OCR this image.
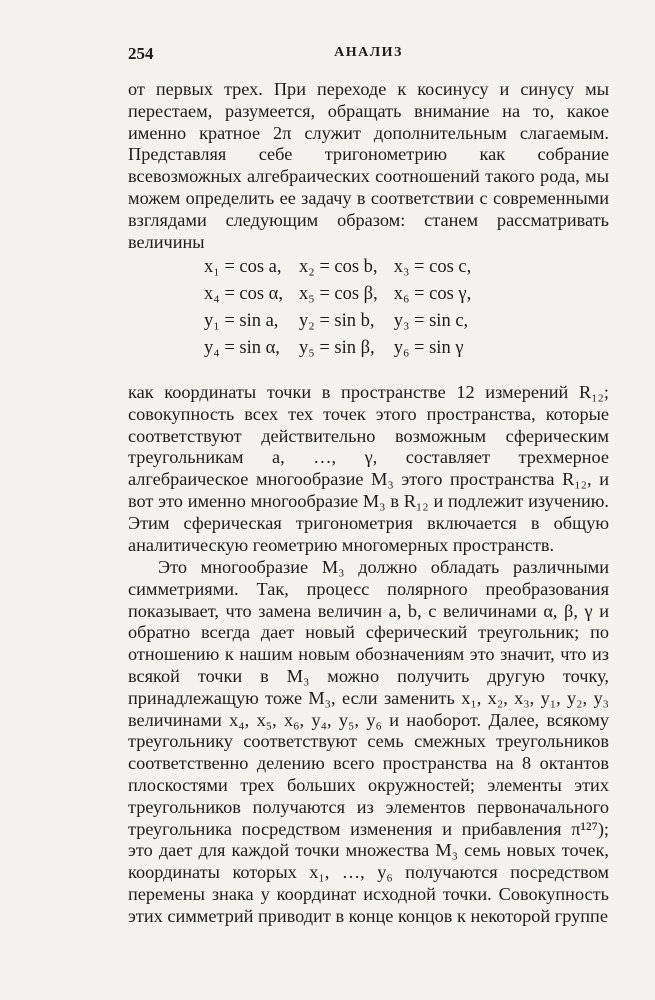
254	АНАЛИЗ
от первых трех. При переходе к косинусу и синусу мы перестаем, разумеется, обращать внимание на то, какое именно кратное 2π служит дополнительным слагаемым. Представляя себе тригонометрию как собрание всевозможных алгебраических соотношений такого рода, мы можем определить ее задачу в соответствии с современными взглядами следующим образом: станем рассматривать величины
x₁ = cos a,	x₂ = cos b,	x₃ = cos c,
x₄ = cos α,	x₅ = cos β,	x₆ = cos γ,
y₁ = sin a,	y₂ = sin b,	y₃ = sin c,
y₄ = sin α,	y₅ = sin β,	y₆ = sin γ
как координаты точки в пространстве 12 измерений R₁₂; совокупность всех тех точек этого пространства, которые соответствуют действительно возможным сферическим треугольникам a, …, γ, составляет трехмерное алгебраическое многообразие M₃ этого пространства R₁₂, и вот это именно многообразие M₃ в R₁₂ и подлежит изучению. Этим сферическая тригонометрия включается в общую аналитическую геометрию многомерных пространств.
Это многообразие M₃ должно обладать различными симметриями. Так, процесс полярного преобразования показывает, что замена величин a, b, c величинами α, β, γ и обратно всегда дает новый сферический треугольник; по отношению к нашим новым обозначениям это значит, что из всякой точки в M₃ можно получить другую точку, принадлежащую тоже M₃, если заменить x₁, x₂, x₃, y₁, y₂, y₃ величинами x₄, x₅, x₆, y₄, y₅, y₆ и наоборот. Далее, всякому треугольнику соответствуют семь смежных треугольников соответственно делению всего пространства на 8 октантов плоскостями трех больших окружностей; элементы этих треугольников получаются из элементов первоначального треугольника посредством изменения и прибавления π¹²⁷); это дает для каждой точки множества M₃ семь новых точек, координаты которых x₁, …, y₆ получаются посредством перемены знака у координат исходной точки. Совокупность этих симметрий приводит в конце концов к некоторой группе
